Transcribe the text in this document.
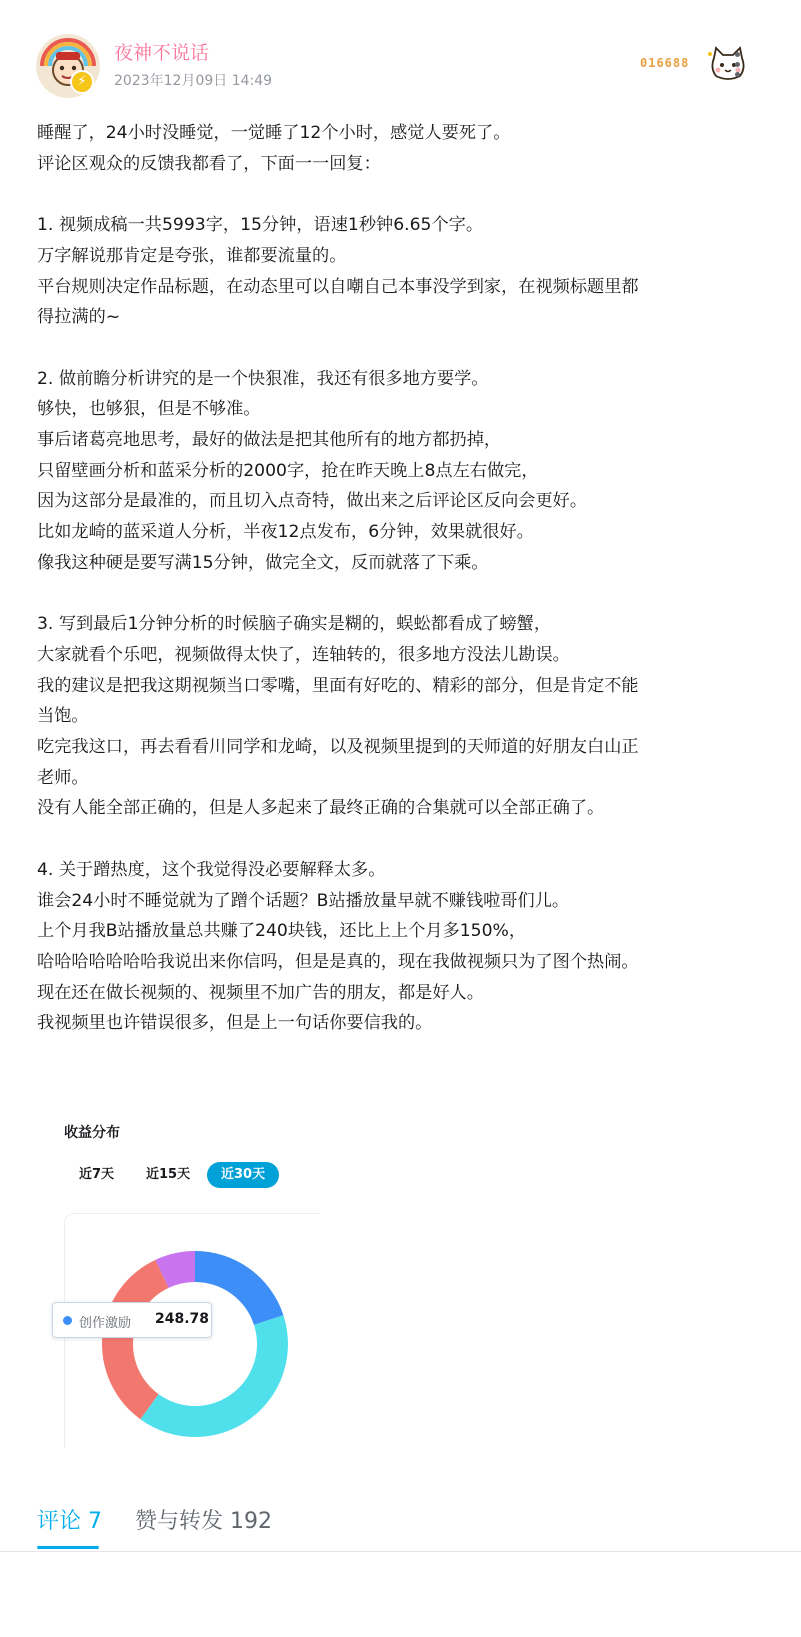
⚡
夜神不说话
2023年12月09日 14:49
016688

睡醒了，24小时没睡觉，一觉睡了12个小时，感觉人要死了。

评论区观众的反馈我都看了，下面一一回复：

1. 视频成稿一共5993字，15分钟，语速1秒钟6.65个字。

万字解说那肯定是夸张，谁都要流量的。

平台规则决定作品标题，在动态里可以自嘲自己本事没学到家，在视频标题里都

得拉满的~

2. 做前瞻分析讲究的是一个快狠准，我还有很多地方要学。

够快，也够狠，但是不够准。

事后诸葛亮地思考，最好的做法是把其他所有的地方都扔掉，

只留壁画分析和蓝采分析的2000字，抢在昨天晚上8点左右做完，

因为这部分是最准的，而且切入点奇特，做出来之后评论区反向会更好。

比如龙崎的蓝采道人分析，半夜12点发布，6分钟，效果就很好。

像我这种硬是要写满15分钟，做完全文，反而就落了下乘。

3. 写到最后1分钟分析的时候脑子确实是糊的，蜈蚣都看成了螃蟹，

大家就看个乐吧，视频做得太快了，连轴转的，很多地方没法儿勘误。

我的建议是把我这期视频当口零嘴，里面有好吃的、精彩的部分，但是肯定不能

当饱。

吃完我这口，再去看看川同学和龙崎，以及视频里提到的天师道的好朋友白山正

老师。

没有人能全部正确的，但是人多起来了最终正确的合集就可以全部正确了。

4. 关于蹭热度，这个我觉得没必要解释太多。

谁会24小时不睡觉就为了蹭个话题？B站播放量早就不赚钱啦哥们儿。

上个月我B站播放量总共赚了240块钱，还比上上个月多150%，

哈哈哈哈哈哈哈我说出来你信吗，但是是真的，现在我做视频只为了图个热闹。

现在还在做长视频的、视频里不加广告的朋友，都是好人。

我视频里也许错误很多，但是上一句话你要信我的。

收益分布
近7天 近15天	近30天
创作激励 248.78
评论 7 赞与转发 192
